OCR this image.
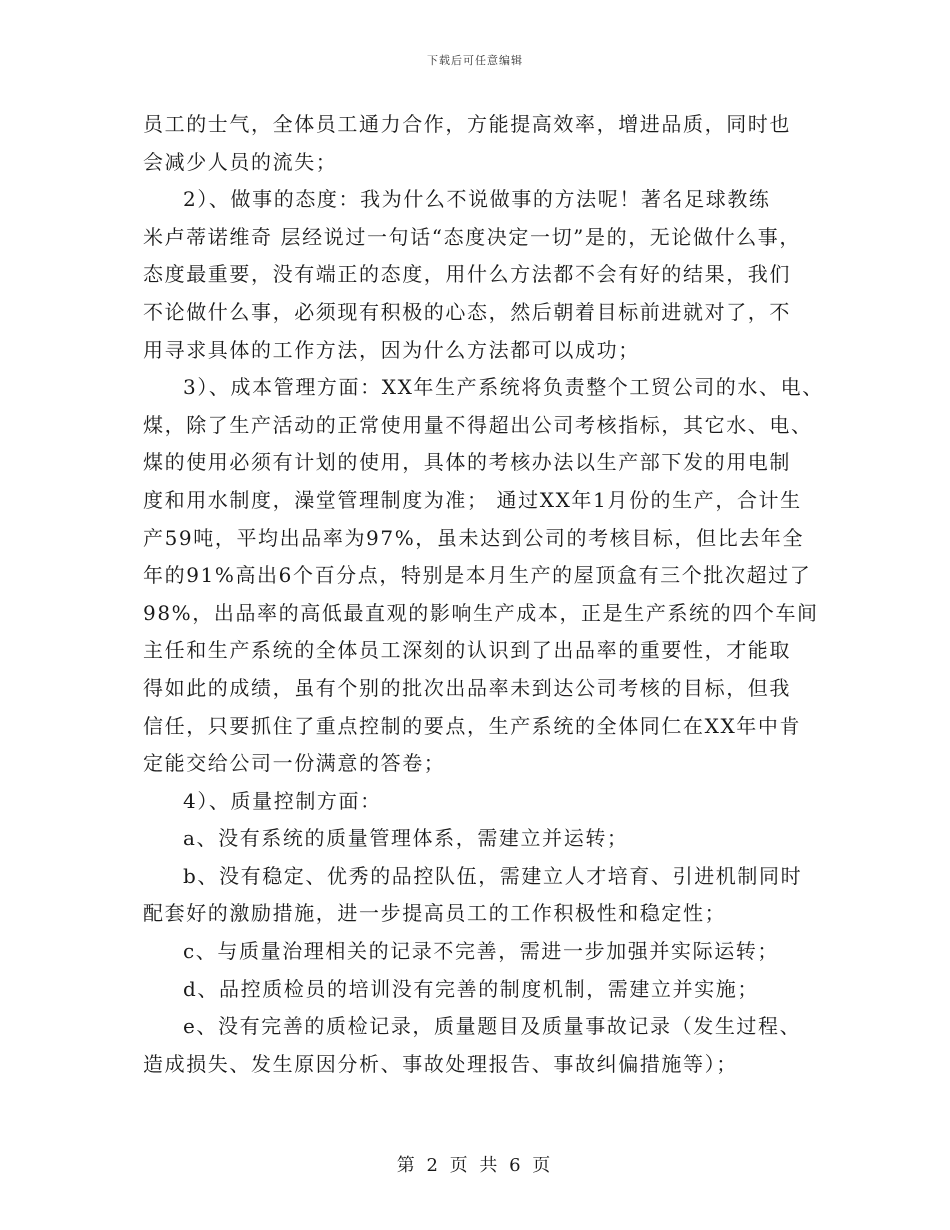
下载后可任意编辑
员工的士气，全体员工通力合作，方能提高效率，增进品质，同时也
会减少人员的流失；
2）、做事的态度：我为什么不说做事的方法呢！著名足球教练
米卢蒂诺维奇 层经说过一句话“态度决定一切”是的，无论做什么事，
态度最重要，没有端正的态度，用什么方法都不会有好的结果，我们
不论做什么事，必须现有积极的心态，然后朝着目标前进就对了，不
用寻求具体的工作方法，因为什么方法都可以成功；
3）、成本管理方面：XX年生产系统将负责整个工贸公司的水、电、
煤，除了生产活动的正常使用量不得超出公司考核指标，其它水、电、
煤的使用必须有计划的使用，具体的考核办法以生产部下发的用电制
度和用水制度，澡堂管理制度为准； 通过XX年1月份的生产，合计生
产59吨，平均出品率为97%，虽未达到公司的考核目标，但比去年全
年的91%高出6个百分点，特别是本月生产的屋顶盒有三个批次超过了
98%，出品率的高低最直观的影响生产成本，正是生产系统的四个车间
主任和生产系统的全体员工深刻的认识到了出品率的重要性，才能取
得如此的成绩，虽有个别的批次出品率未到达公司考核的目标，但我
信任，只要抓住了重点控制的要点，生产系统的全体同仁在XX年中肯
定能交给公司一份满意的答卷；
4）、质量控制方面：
a、没有系统的质量管理体系，需建立并运转；
b、没有稳定、优秀的品控队伍，需建立人才培育、引进机制同时
配套好的激励措施，进一步提高员工的工作积极性和稳定性；
c、与质量治理相关的记录不完善，需进一步加强并实际运转；
d、品控质检员的培训没有完善的制度机制，需建立并实施；
e、没有完善的质检记录，质量题目及质量事故记录（发生过程、
造成损失、发生原因分析、事故处理报告、事故纠偏措施等）；
第 2 页 共 6 页
